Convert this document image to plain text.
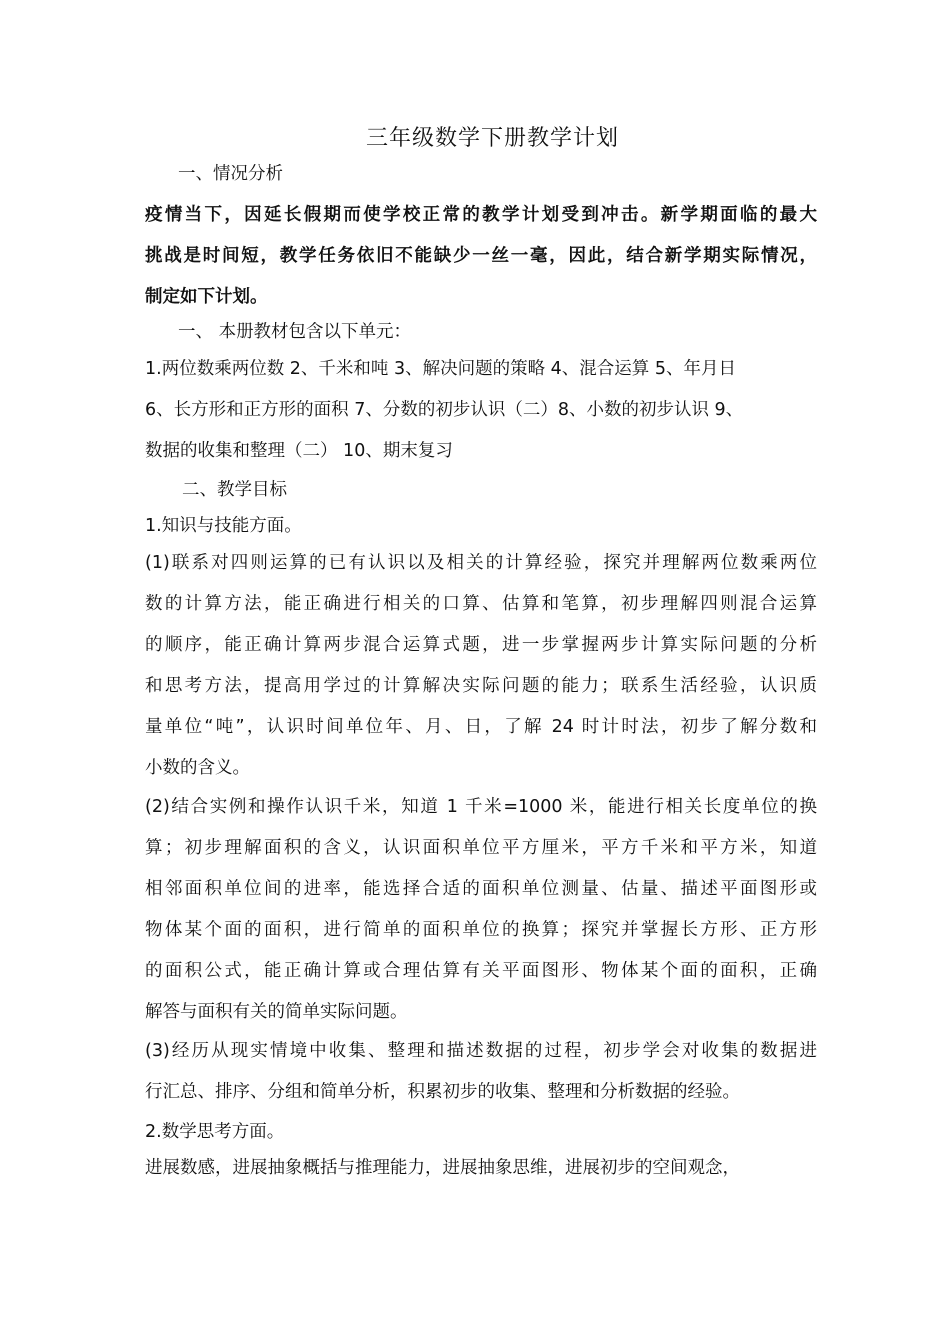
三年级数学下册教学计划
一、情况分析
疫情当下，因延长假期而使学校正常的教学计划受到冲击。新学期面临的最大
挑战是时间短，教学任务依旧不能缺少一丝一毫，因此，结合新学期实际情况，
制定如下计划。
一、 本册教材包含以下单元：
1.两位数乘两位数 2、千米和吨 3、解决问题的策略 4、混合运算 5、年月日
6、长方形和正方形的面积 7、分数的初步认识（二）8、小数的初步认识 9、
数据的收集和整理（二） 10、期末复习
二、教学目标
1.知识与技能方面。
(1)联系对四则运算的已有认识以及相关的计算经验，探究并理解两位数乘两位
数的计算方法，能正确进行相关的口算、估算和笔算，初步理解四则混合运算
的顺序，能正确计算两步混合运算式题，进一步掌握两步计算实际问题的分析
和思考方法，提高用学过的计算解决实际问题的能力；联系生活经验，认识质
量单位“吨”，认识时间单位年、月、日，了解 24 时计时法，初步了解分数和
小数的含义。
(2)结合实例和操作认识千米，知道 1 千米=1000 米，能进行相关长度单位的换
算；初步理解面积的含义，认识面积单位平方厘米，平方千米和平方米，知道
相邻面积单位间的进率，能选择合适的面积单位测量、估量、描述平面图形或
物体某个面的面积，进行简单的面积单位的换算；探究并掌握长方形、正方形
的面积公式，能正确计算或合理估算有关平面图形、物体某个面的面积，正确
解答与面积有关的简单实际问题。
(3)经历从现实情境中收集、整理和描述数据的过程，初步学会对收集的数据进
行汇总、排序、分组和简单分析，积累初步的收集、整理和分析数据的经验。
2.数学思考方面。
进展数感，进展抽象概括与推理能力，进展抽象思维，进展初步的空间观念，
